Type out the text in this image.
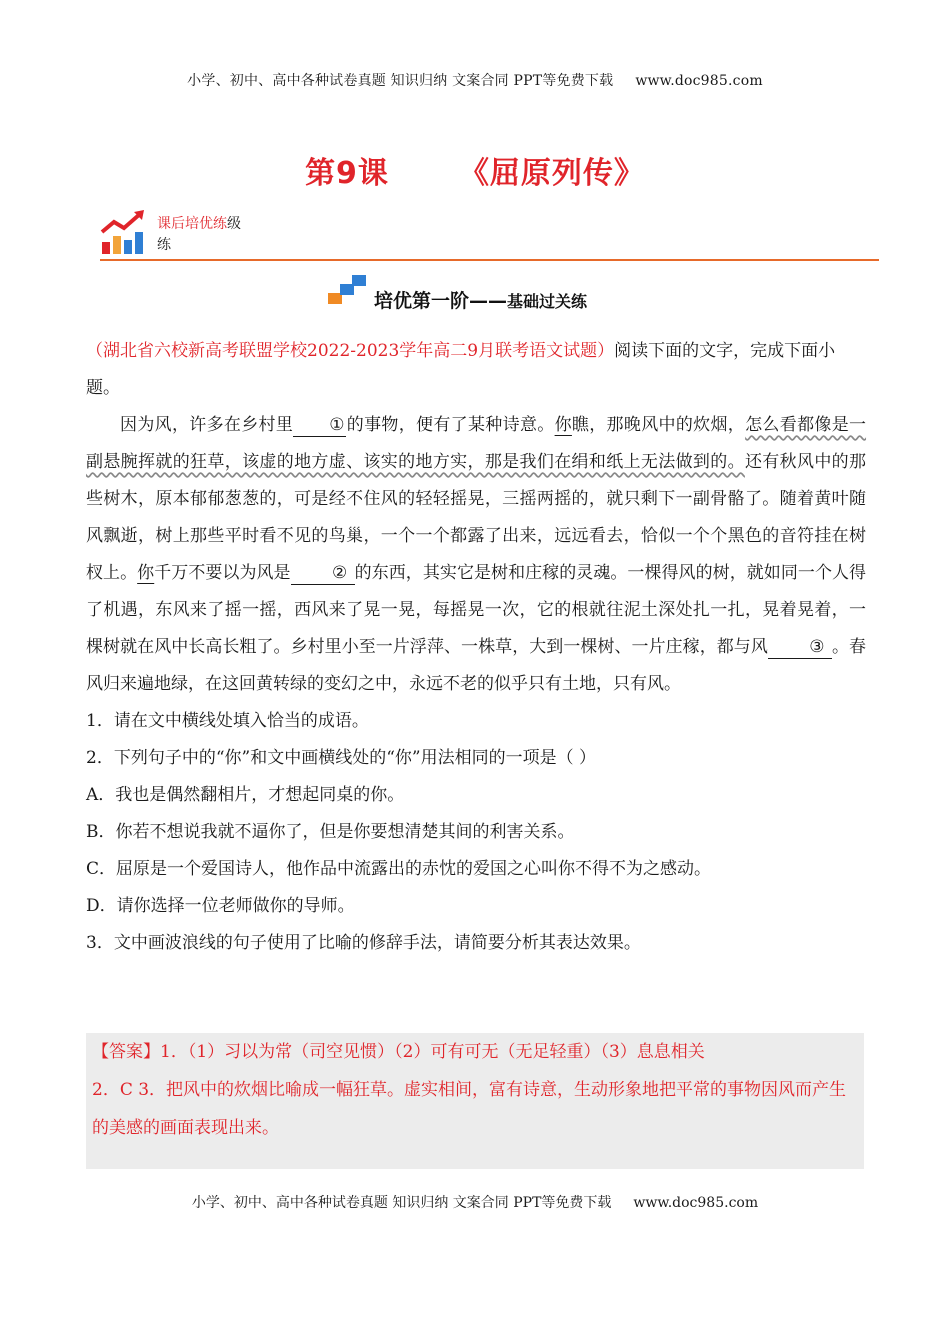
小学、初中、高中各种试卷真题 知识归纳 文案合同 PPT等免费下载 www.doc985.com
第9课 《屈原列传》
课后培优练级
练
培优第一阶——基础过关练

（湖北省六校新高考联盟学校2022-2023学年高二9月联考语文试题）阅读下面的文字，完成下面小题。

因为风，许多在乡村里 ① 的事物，便有了某种诗意。你瞧，那晚风中的炊烟，怎么看都像是一副悬腕挥就的狂草，该虚的地方虚、该实的地方实，那是我们在绢和纸上无法做到的。还有秋风中的那些树木，原本郁郁葱葱的，可是经不住风的轻轻摇晃，三摇两摇的，就只剩下一副骨骼了。随着黄叶随风飘逝，树上那些平时看不见的鸟巢，一个一个都露了出来，远远看去，恰似一个个黑色的音符挂在树杈上。你千万不要以为风是 ② 的东西，其实它是树和庄稼的灵魂。一棵得风的树，就如同一个人得了机遇，东风来了摇一摇，西风来了晃一晃，每摇晃一次，它的根就往泥土深处扎一扎，晃着晃着，一棵树就在风中长高长粗了。乡村里小至一片浮萍、一株草，大到一棵树、一片庄稼，都与风 ③ 。春风归来遍地绿，在这回黄转绿的变幻之中，永远不老的似乎只有土地，只有风。

1．请在文中横线处填入恰当的成语。

2．下列句子中的“你”和文中画横线处的“你”用法相同的一项是（ ）

A．我也是偶然翻相片，才想起同桌的你。

B．你若不想说我就不逼你了，但是你要想清楚其间的利害关系。

C．屈原是一个爱国诗人，他作品中流露出的赤忱的爱国之心叫你不得不为之感动。

D．请你选择一位老师做你的导师。

3．文中画波浪线的句子使用了比喻的修辞手法，请简要分析其表达效果。

【答案】1．（1）习以为常（司空见惯）（2）可有可无（无足轻重）（3）息息相关

2．C 3．把风中的炊烟比喻成一幅狂草。虚实相间，富有诗意，生动形象地把平常的事物因风而产生的美感的画面表现出来。

小学、初中、高中各种试卷真题 知识归纳 文案合同 PPT等免费下载 www.doc985.com
